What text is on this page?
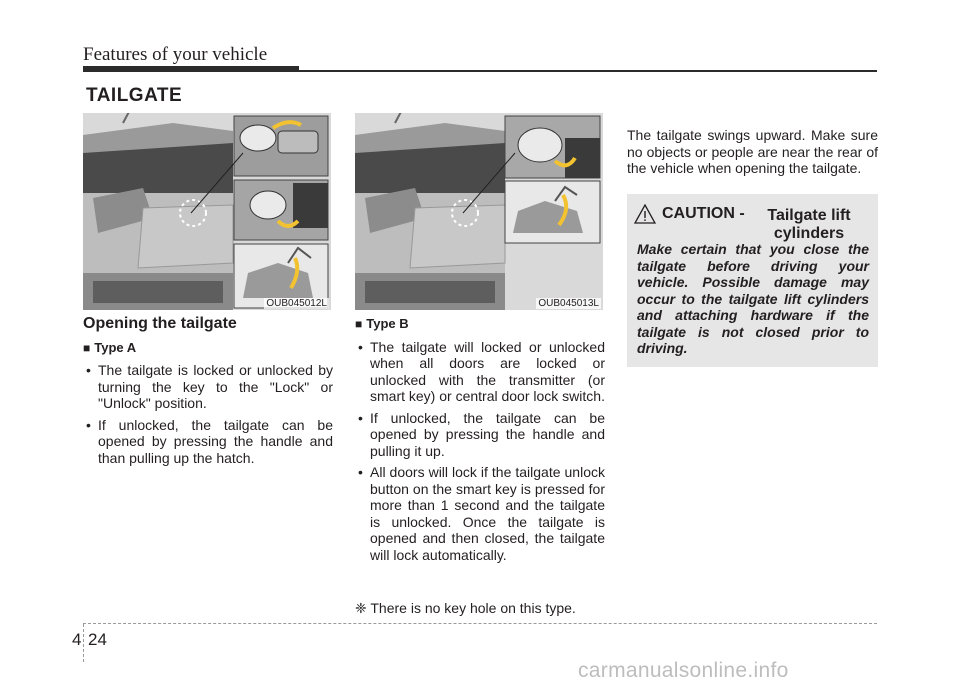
Features of your vehicle
TAILGATE
OUB045012L	OUB045013L
Opening the tailgate
■ Type A
• The tailgate is locked or unlocked by turning the key to the "Lock" or "Unlock" position.
• If unlocked, the tailgate can be opened by pressing the handle and than pulling up the hatch.
■ Type B
• The tailgate will locked or unlocked when all doors are locked or unlocked with the transmitter (or smart key) or central door lock switch.
• If unlocked, the tailgate can be opened by pressing the handle and pulling it up.
• All doors will lock if the tailgate unlock button on the smart key is pressed for more than 1 second and the tailgate is unlocked. Once the tailgate is opened and then closed, the tailgate will lock automatically.
❈ There is no key hole on this type.

The tailgate swings upward. Make sure no objects or people are near the rear of the vehicle when opening the tailgate.

CAUTION -	Tailgate lift cylinders
Make certain that you close the tailgate before driving your vehicle. Possible damage may occur to the tailgate lift cylinders and attaching hardware if the tailgate is not closed prior to driving.
4 24
carmanualsonline.info
